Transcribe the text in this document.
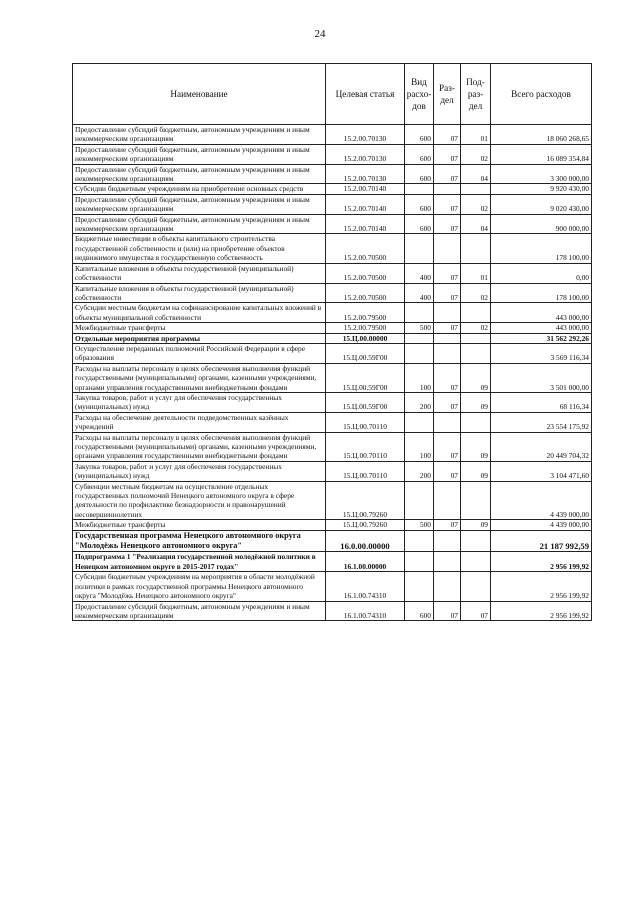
24
Наименование	Целевая статья	Вид расхо-дов	Раз-дел	Под-раз-дел	Всего расходов
Предоставление субсидий бюджетным, автономным учреждениям и иным некоммерческим организациям	15.2.00.70130	600	07	01	18 060 268,65
Предоставление субсидий бюджетным, автономным учреждениям и иным некоммерческим организациям	15.2.00.70130	600	07	02	16 089 354,84
Предоставление субсидий бюджетным, автономным учреждениям и иным некоммерческим организациям	15.2.00.70130	600	07	04	3 300 000,00
Субсидии бюджетным учреждениям на приобретение основных средств	15.2.00.70140				9 920 430,00
Предоставление субсидий бюджетным, автономным учреждениям и иным некоммерческим организациям	15.2.00.70140	600	07	02	9 020 430,00
Предоставление субсидий бюджетным, автономным учреждениям и иным некоммерческим организациям	15.2.00.70140	600	07	04	900 000,00
Бюджетные инвестиции в объекты капитального строительства государственной собственности и (или) на приобретение объектов недвижимого имущества в государственную собственность	15.2.00.70500				178 100,00
Капитальные вложения в объекты государственной (муниципальной) собственности	15.2.00.70500	400	07	01	0,00
Капитальные вложения в объекты государственной (муниципальной) собственности	15.2.00.70500	400	07	02	178 100,00
Субсидии местным бюджетам на софинансирование капитальных вложений в объекты муниципальной собственности	15.2.00.79500				443 000,00
Межбюджетные трансферты	15.2.00.79500	500	07	02	443 000,00
Отдельные мероприятия программы	15.Ц.00.00000				31 562 292,26
Осуществление переданных полномочий Российской Федерации в сфере образования	15.Ц.00.59Г00				3 569 116,34
Расходы на выплаты персоналу в целях обеспечения выполнения функций государственными (муниципальными) органами, казенными учреждениями, органами управления государственными внебюджетными фондами	15.Ц.00.59Г00	100	07	09	3 501 000,00
Закупка товаров, работ и услуг для обеспечения государственных (муниципальных) нужд	15.Ц.00.59Г00	200	07	09	68 116,34
Расходы на обеспечение деятельности подведомственных казённых учреждений	15.Ц.00.70110				23 554 175,92
Расходы на выплаты персоналу в целях обеспечения выполнения функций государственными (муниципальными) органами, казенными учреждениями, органами управления государственными внебюджетными фондами	15.Ц.00.70110	100	07	09	20 449 704,32
Закупка товаров, работ и услуг для обеспечения государственных (муниципальных) нужд	15.Ц.00.70110	200	07	09	3 104 471,60
Субвенции местным бюджетам на осуществление отдельных государственных полномочий Ненецкого автономного округа в сфере деятельности по профилактике безнадзорности и правонарушений несовершеннолетних	15.Ц.00.79260				4 439 000,00
Межбюджетные трансферты	15.Ц.00.79260	500	07	09	4 439 000,00
Государственная программа Ненецкого автономного округа "Молодёжь Ненецкого автономного округа"	16.0.00.00000				21 187 992,59
Подпрограмма 1 "Реализация государственной молодёжной политики в Ненецком автономном округе в 2015-2017 годах"	16.1.00.00000				2 956 199,92
Субсидии бюджетным учреждениям на мероприятия в области молодёжной политики в рамках государственной программы Ненецкого автономного округа "Молодёжь Ненецкого автономного округа"	16.1.00.74310				2 956 199,92
Предоставление субсидий бюджетным, автономным учреждениям и иным некоммерческим организациям	16.1.00.74310	600	07	07	2 956 199,92
